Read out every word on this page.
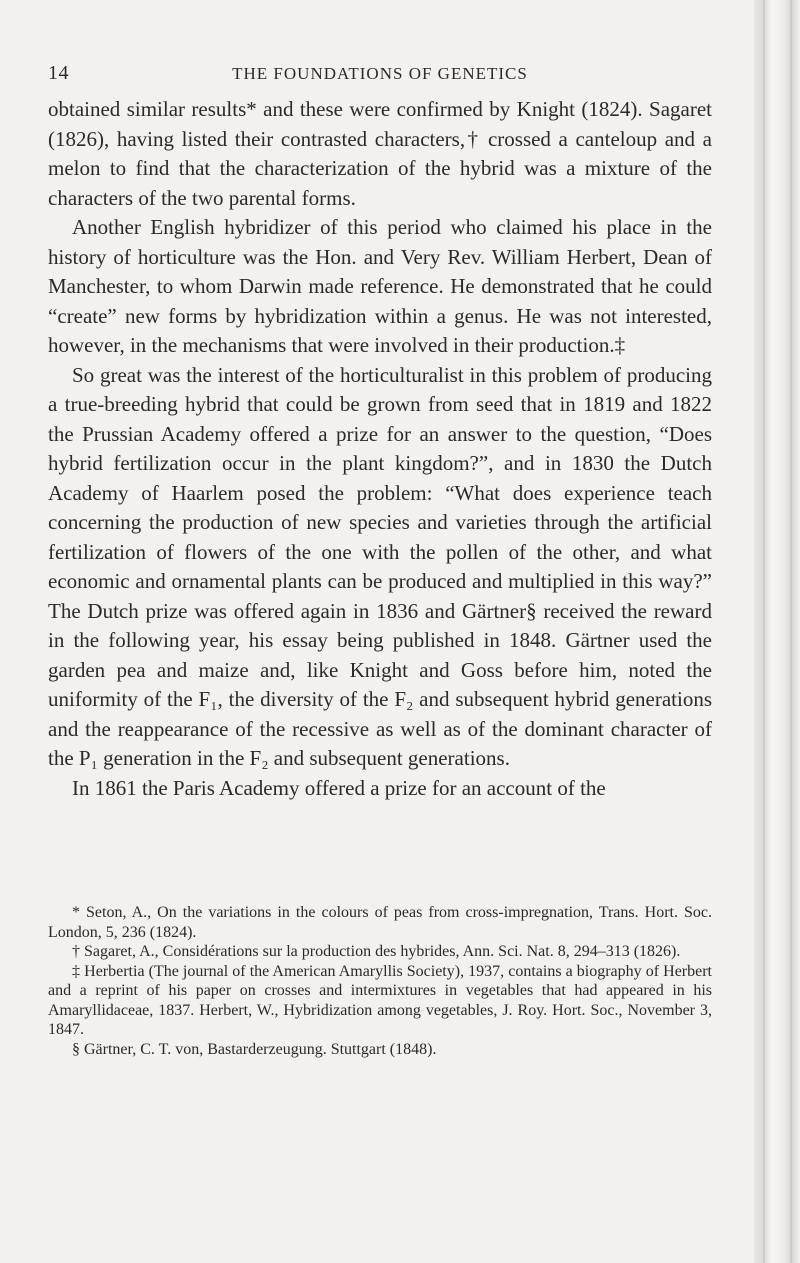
14	THE FOUNDATIONS OF GENETICS

obtained similar results* and these were confirmed by Knight (1824). Sagaret (1826), having listed their contrasted characters,† crossed a canteloup and a melon to find that the characterization of the hybrid was a mixture of the characters of the two parental forms.

Another English hybridizer of this period who claimed his place in the history of horticulture was the Hon. and Very Rev. William Herbert, Dean of Manchester, to whom Darwin made reference. He demonstrated that he could “create” new forms by hybridization within a genus. He was not interested, however, in the mechanisms that were involved in their production.‡

So great was the interest of the horticulturalist in this problem of producing a true-breeding hybrid that could be grown from seed that in 1819 and 1822 the Prussian Academy offered a prize for an answer to the question, “Does hybrid fertilization occur in the plant kingdom?”, and in 1830 the Dutch Academy of Haarlem posed the problem: “What does experience teach concerning the production of new species and varieties through the artificial fertilization of flowers of the one with the pollen of the other, and what economic and ornamental plants can be produced and multiplied in this way?” The Dutch prize was offered again in 1836 and Gärtner§ received the reward in the following year, his essay being published in 1848. Gärtner used the garden pea and maize and, like Knight and Goss before him, noted the uniformity of the F₁, the diversity of the F₂ and subsequent hybrid generations and the reappearance of the recessive as well as of the dominant character of the P₁ generation in the F₂ and subsequent generations.

In 1861 the Paris Academy offered a prize for an account of the

* Seton, A., On the variations in the colours of peas from cross-impregnation, Trans. Hort. Soc. London, 5, 236 (1824).

† Sagaret, A., Considérations sur la production des hybrides, Ann. Sci. Nat. 8, 294–313 (1826).

‡ Herbertia (The journal of the American Amaryllis Society), 1937, contains a biography of Herbert and a reprint of his paper on crosses and intermixtures in vegetables that had appeared in his Amaryllidaceae, 1837. Herbert, W., Hybridization among vegetables, J. Roy. Hort. Soc., November 3, 1847.

§ Gärtner, C. T. von, Bastarderzeugung. Stuttgart (1848).
